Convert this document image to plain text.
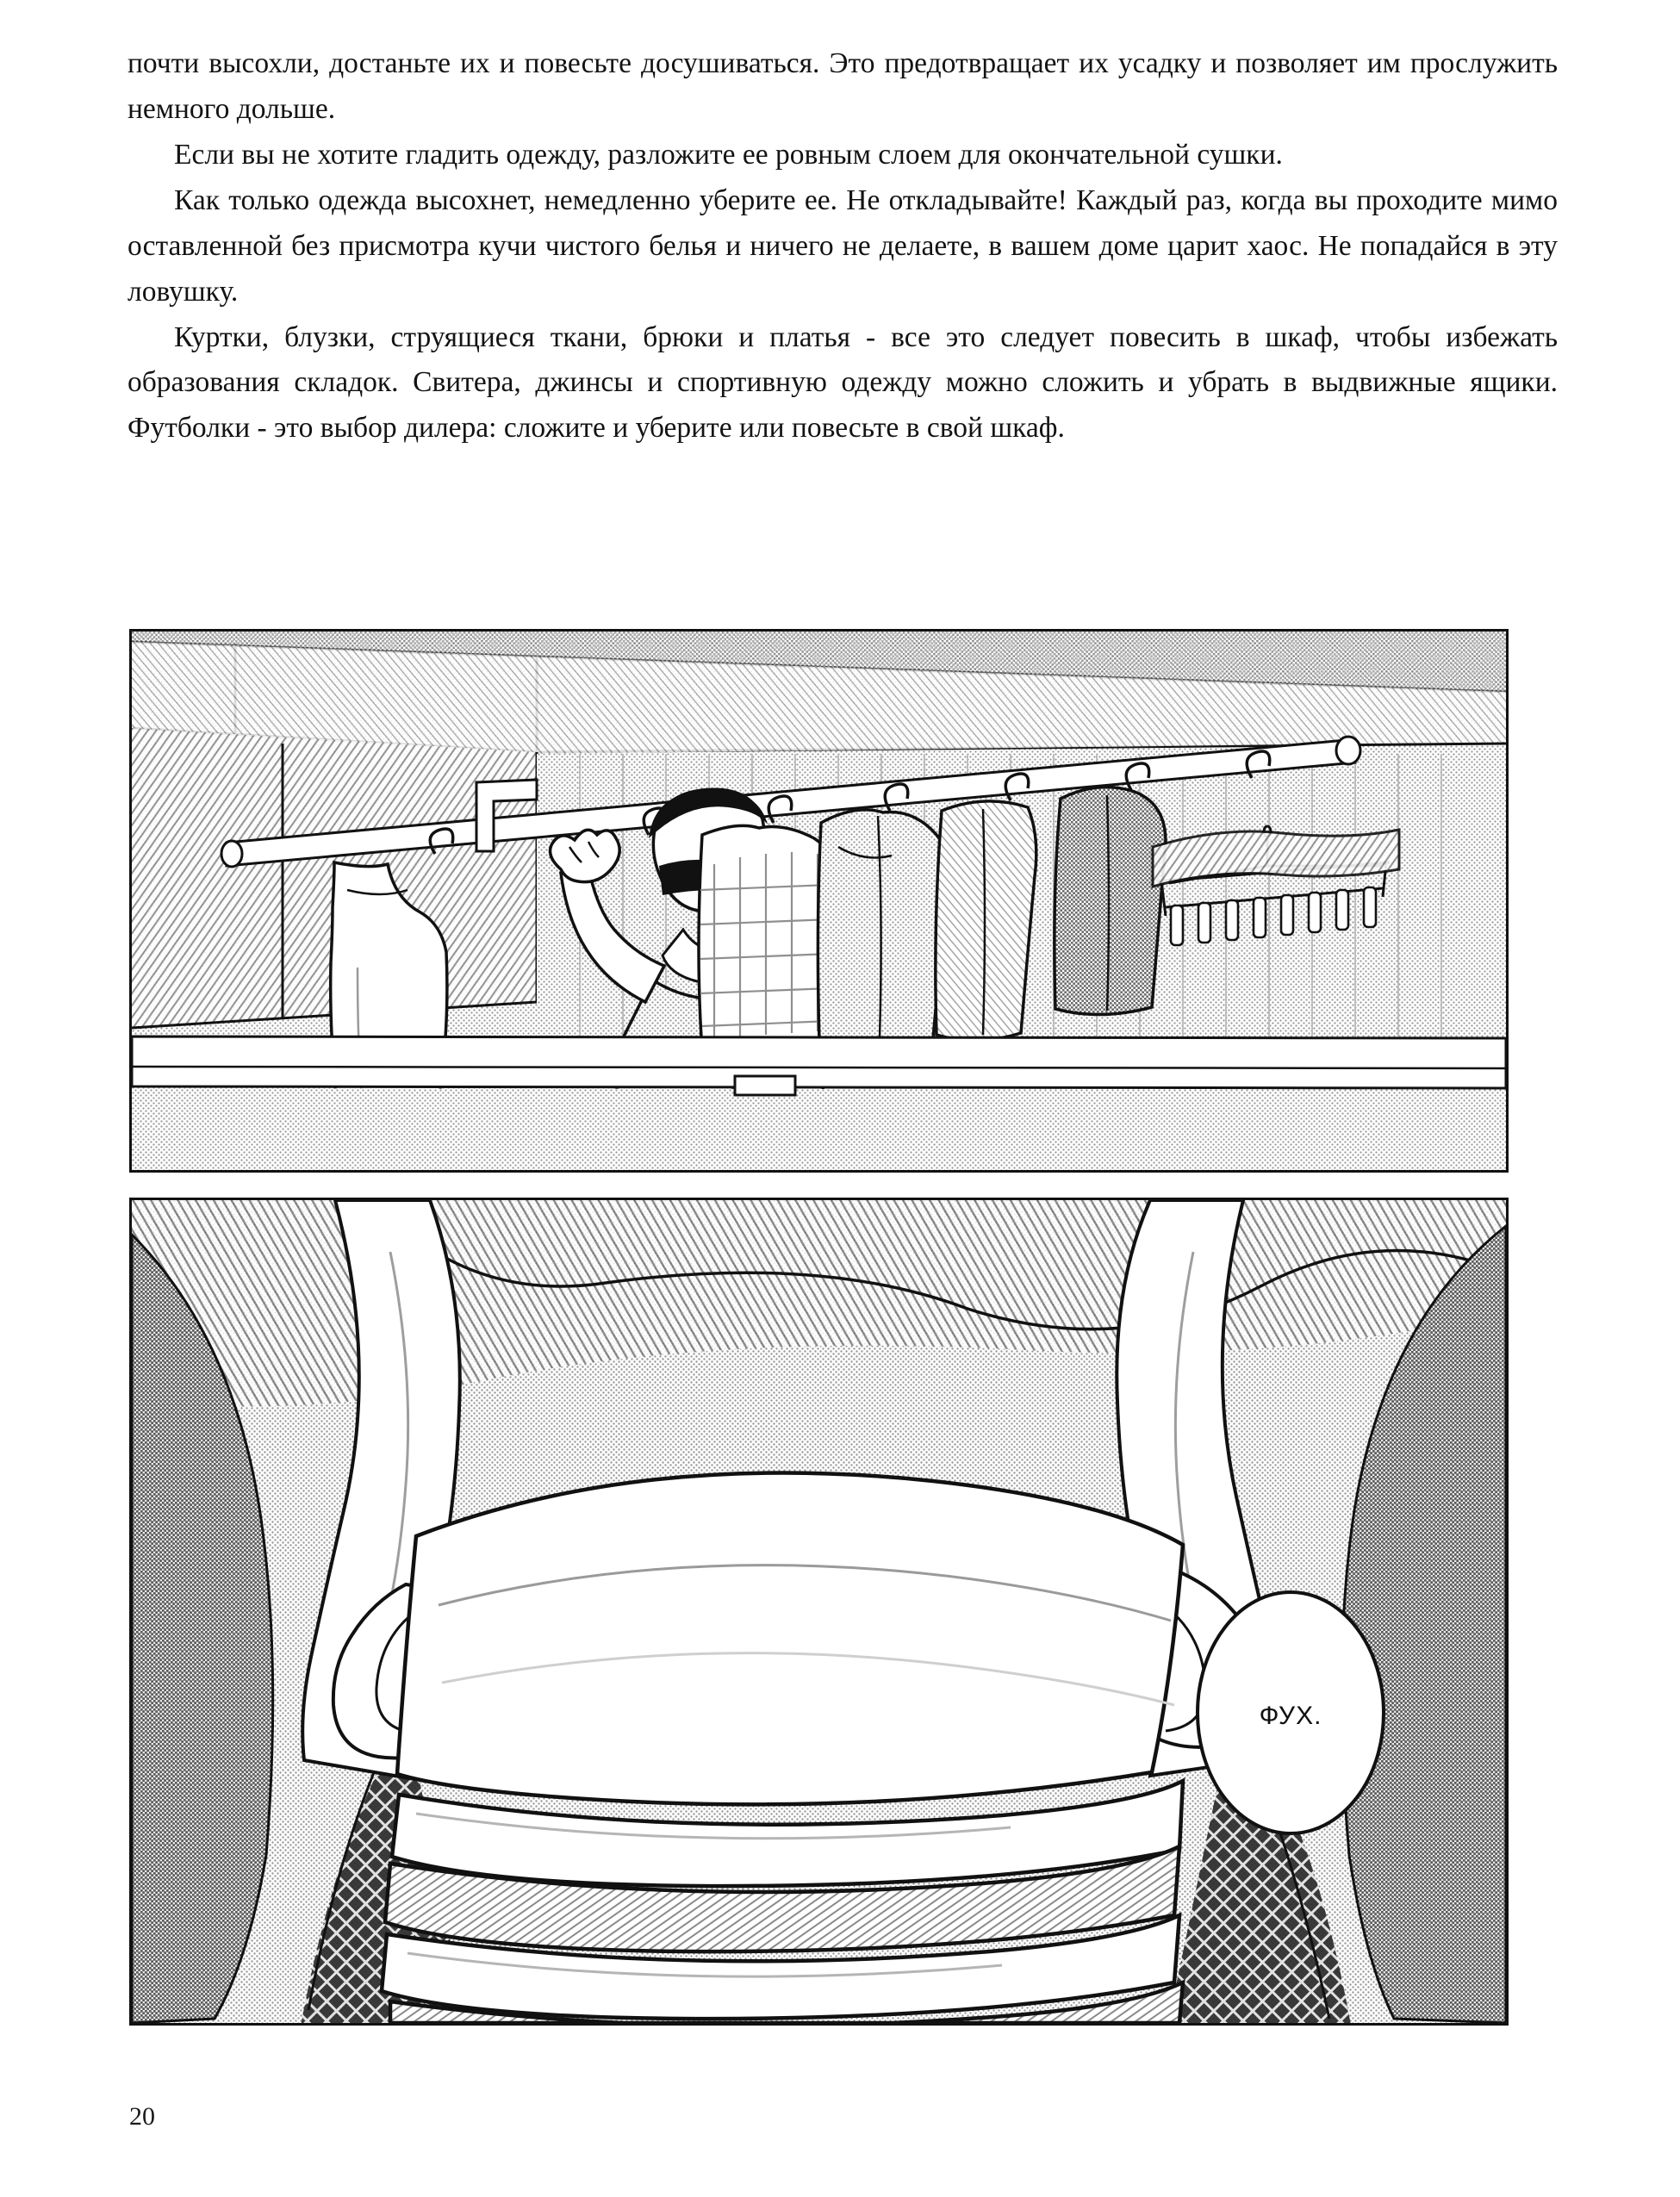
почти высохли, достаньте их и повесьте досушиваться. Это предотвращает их усадку и позволяет им прослужить немного дольше.

Если вы не хотите гладить одежду, разложите ее ровным слоем для окончательной сушки.

Как только одежда высохнет, немедленно уберите ее. Не откладывайте! Каждый раз, когда вы проходите мимо оставленной без присмотра кучи чистого белья и ничего не делаете, в вашем доме царит хаос. Не попадайся в эту ловушку.

Куртки, блузки, струящиеся ткани, брюки и платья - все это следует повесить в шкаф, чтобы избежать образования складок. Свитера, джинсы и спортивную одежду можно сложить и убрать в выдвижные ящики. Футболки - это выбор дилера: сложите и уберите или повесьте в свой шкаф.

ФУХ.
20
